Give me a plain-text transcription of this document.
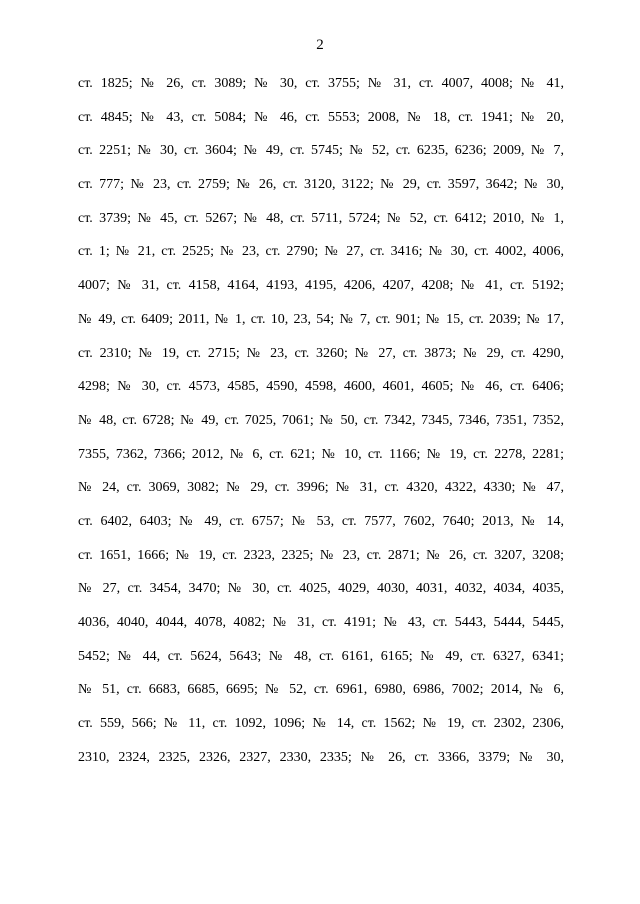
2
ст. 1825; № 26, ст. 3089; № 30, ст. 3755; № 31, ст. 4007, 4008; № 41,
ст. 4845; № 43, ст. 5084; № 46, ст. 5553; 2008, № 18, ст. 1941; № 20,
ст. 2251; № 30, ст. 3604; № 49, ст. 5745; № 52, ст. 6235, 6236; 2009, № 7,
ст. 777; № 23, ст. 2759; № 26, ст. 3120, 3122; № 29, ст. 3597, 3642; № 30,
ст. 3739; № 45, ст. 5267; № 48, ст. 5711, 5724; № 52, ст. 6412; 2010, № 1,
ст. 1; № 21, ст. 2525; № 23, ст. 2790; № 27, ст. 3416; № 30, ст. 4002, 4006,
4007; № 31, ст. 4158, 4164, 4193, 4195, 4206, 4207, 4208; № 41, ст. 5192;
№ 49, ст. 6409; 2011, № 1, ст. 10, 23, 54; № 7, ст. 901; № 15, ст. 2039; № 17,
ст. 2310; № 19, ст. 2715; № 23, ст. 3260; № 27, ст. 3873; № 29, ст. 4290,
4298; № 30, ст. 4573, 4585, 4590, 4598, 4600, 4601, 4605; № 46, ст. 6406;
№ 48, ст. 6728; № 49, ст. 7025, 7061; № 50, ст. 7342, 7345, 7346, 7351, 7352,
7355, 7362, 7366; 2012, № 6, ст. 621; № 10, ст. 1166; № 19, ст. 2278, 2281;
№ 24, ст. 3069, 3082; № 29, ст. 3996; № 31, ст. 4320, 4322, 4330; № 47,
ст. 6402, 6403; № 49, ст. 6757; № 53, ст. 7577, 7602, 7640; 2013, № 14,
ст. 1651, 1666; № 19, ст. 2323, 2325; № 23, ст. 2871; № 26, ст. 3207, 3208;
№ 27, ст. 3454, 3470; № 30, ст. 4025, 4029, 4030, 4031, 4032, 4034, 4035,
4036, 4040, 4044, 4078, 4082; № 31, ст. 4191; № 43, ст. 5443, 5444, 5445,
5452; № 44, ст. 5624, 5643; № 48, ст. 6161, 6165; № 49, ст. 6327, 6341;
№ 51, ст. 6683, 6685, 6695; № 52, ст. 6961, 6980, 6986, 7002; 2014, № 6,
ст. 559, 566; № 11, ст. 1092, 1096; № 14, ст. 1562; № 19, ст. 2302, 2306,
2310, 2324, 2325, 2326, 2327, 2330, 2335; № 26, ст. 3366, 3379; № 30,
